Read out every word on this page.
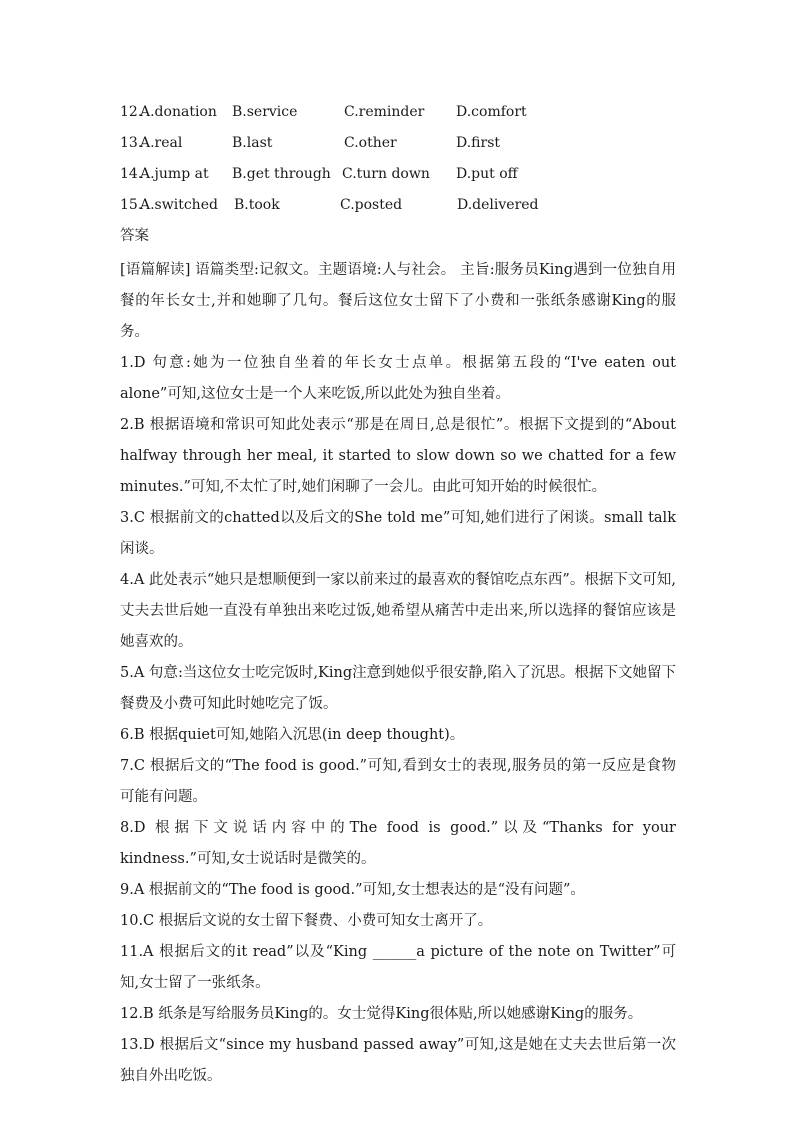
12.
A.donation B.service	C.reminder D.comfort
13.
A.real	B.last	C.other	D.first
14.
A.jump at B.get through C.turn down D.put off
15.
A.switched B.took	C.posted	D.delivered
答案

[语篇解读] 语篇类型:记叙文。主题语境:人与社会。 主旨:服务员King遇到一位独自用餐的年长女士,并和她聊了几句。餐后这位女士留下了小费和一张纸条感谢King的服务。

1.D 句意:她为一位独自坐着的年长女士点单。根据第五段的“I've eaten out alone”可知,这位女士是一个人来吃饭,所以此处为独自坐着。

2.B 根据语境和常识可知此处表示“那是在周日,总是很忙”。根据下文提到的“About halfway through her meal, it started to slow down so we chatted for a few minutes.”可知,不太忙了时,她们闲聊了一会儿。由此可知开始的时候很忙。

3.C 根据前文的chatted以及后文的She told me”可知,她们进行了闲谈。small talk 闲谈。

4.A 此处表示“她只是想顺便到一家以前来过的最喜欢的餐馆吃点东西”。根据下文可知,丈夫去世后她一直没有单独出来吃过饭,她希望从痛苦中走出来,所以选择的餐馆应该是她喜欢的。

5.A 句意:当这位女士吃完饭时,King注意到她似乎很安静,陷入了沉思。根据下文她留下餐费及小费可知此时她吃完了饭。

6.B 根据quiet可知,她陷入沉思(in deep thought)。

7.C 根据后文的“The food is good.”可知,看到女士的表现,服务员的第一反应是食物可能有问题。

8.D 根据下文说话内容中的The food is good.”以及“Thanks for your kindness.”可知,女士说话时是微笑的。

9.A 根据前文的“The food is good.”可知,女士想表达的是“没有问题”。

10.C 根据后文说的女士留下餐费、小费可知女士离开了。

11.A 根据后文的it read”以及“King ______a picture of the note on Twitter”可知,女士留了一张纸条。

12.B 纸条是写给服务员King的。女士觉得King很体贴,所以她感谢King的服务。

13.D 根据后文“since my husband passed away”可知,这是她在丈夫去世后第一次独自外出吃饭。
